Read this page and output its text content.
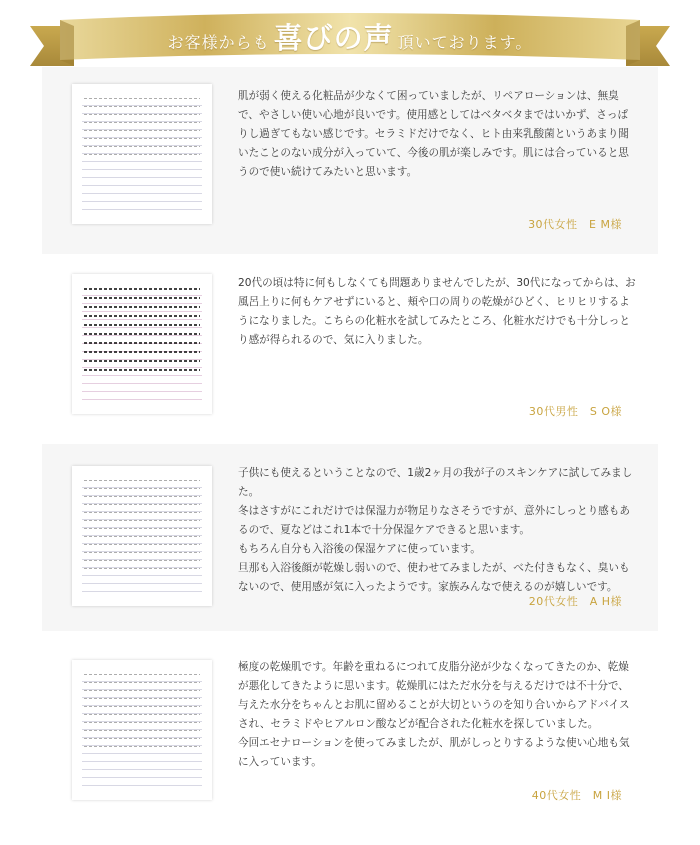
お客様からも 喜びの声 頂いております。

肌が弱く使える化粧品が少なくて困っていましたが、リペアローションは、無臭で、やさしい使い心地が良いです。使用感としてはベタベタまではいかず、さっぱりし過ぎてもない感じです。セラミドだけでなく、ヒト由来乳酸菌というあまり聞いたことのない成分が入っていて、今後の肌が楽しみです。肌には合っていると思うので使い続けてみたいと思います。

30代女性　E M様

20代の頃は特に何もしなくても問題ありませんでしたが、30代になってからは、お風呂上りに何もケアせずにいると、頬や口の周りの乾燥がひどく、ヒリヒリするようになりました。こちらの化粧水を試してみたところ、化粧水だけでも十分しっとり感が得られるので、気に入りました。

30代男性　S O様

子供にも使えるということなので、1歳2ヶ月の我が子のスキンケアに試してみました。

冬はさすがにこれだけでは保湿力が物足りなさそうですが、意外にしっとり感もあるので、夏などはこれ1本で十分保湿ケアできると思います。

もちろん自分も入浴後の保湿ケアに使っています。

旦那も入浴後顔が乾燥し弱いので、使わせてみましたが、べた付きもなく、臭いもないので、使用感が気に入ったようです。家族みんなで使えるのが嬉しいです。

20代女性　A H様

極度の乾燥肌です。年齢を重ねるにつれて皮脂分泌が少なくなってきたのか、乾燥が悪化してきたように思います。乾燥肌にはただ水分を与えるだけでは不十分で、与えた水分をちゃんとお肌に留めることが大切というのを知り合いからアドバイスされ、セラミドやヒアルロン酸などが配合された化粧水を探していました。

今回エセナローションを使ってみましたが、肌がしっとりするような使い心地も気に入っています。

40代女性　M I様
